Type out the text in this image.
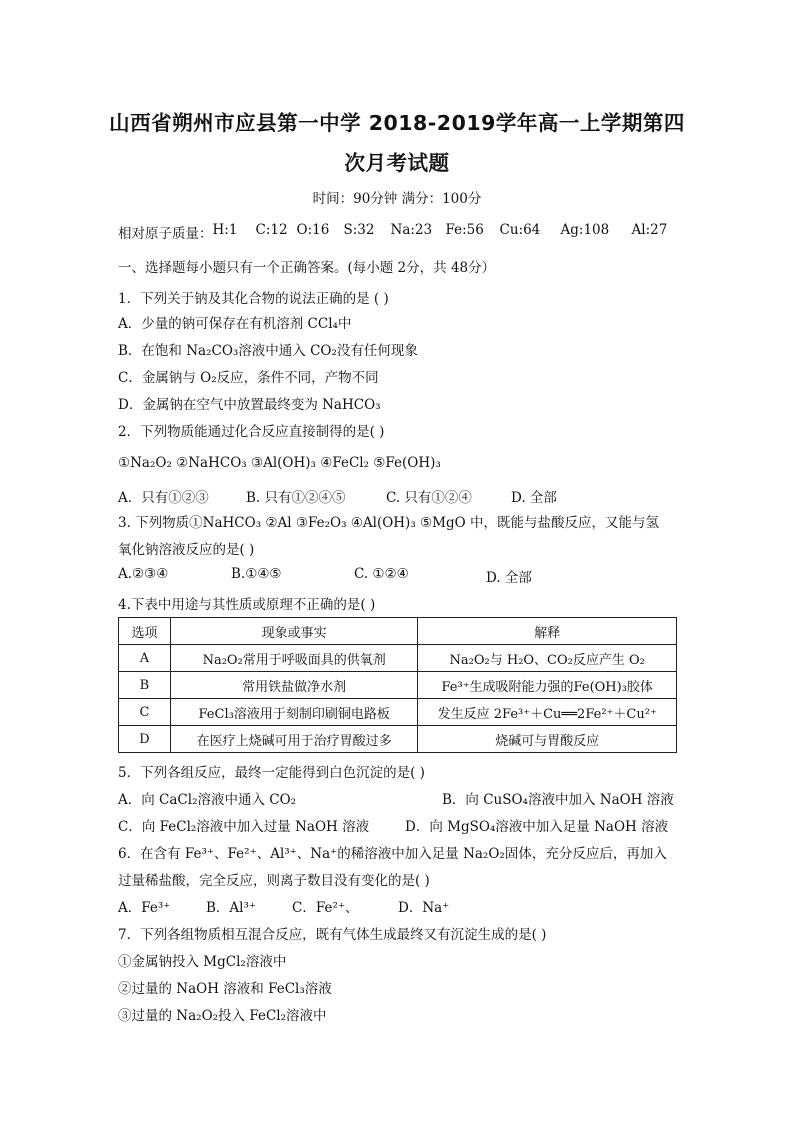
山西省朔州市应县第一中学 2018-2019学年高一上学期第四
次月考试题
时间：90分钟 满分：100分
相对原子质量： H:1	C:12 O:16	S:32	Na:23 Fe:56	Cu:64	Ag:108	Al:27
一、选择题每小题只有一个正确答案。(每小题 2分，共 48分）
1．下列关于钠及其化合物的说法正确的是 ( )
A．少量的钠可保存在有机溶剂 CCl₄中
B．在饱和 Na₂CO₃溶液中通入 CO₂没有任何现象
C．金属钠与 O₂反应，条件不同，产物不同
D．金属钠在空气中放置最终变为 NaHCO₃
2．下列物质能通过化合反应直接制得的是( )
①Na₂O₂ ②NaHCO₃ ③Al(OH)₃ ④FeCl₂ ⑤Fe(OH)₃
A．只有①②③	B. 只有①②④⑤	C. 只有①②④	D. 全部
3. 下列物质①NaHCO₃ ②Al ③Fe₂O₃ ④Al(OH)₃ ⑤MgO 中，既能与盐酸反应，又能与氢
氧化钠溶液反应的是( )
A.②③④	B.①④⑤	C. ①②④	D. 全部
4.下表中用途与其性质或原理不正确的是( )
选项	现象或事实	解释
A	Na₂O₂常用于呼吸面具的供氧剂	Na₂O₂与 H₂O、CO₂反应产生 O₂
B	常用铁盐做净水剂	Fe³⁺生成吸附能力强的Fe(OH)₃胶体
C	FeCl₃溶液用于刻制印刷铜电路板	发生反应 2Fe³⁺＋Cu══2Fe²⁺＋Cu²⁺
D	在医疗上烧碱可用于治疗胃酸过多	烧碱可与胃酸反应
5．下列各组反应，最终一定能得到白色沉淀的是( )
A．向 CaCl₂溶液中通入 CO₂	B．向 CuSO₄溶液中加入 NaOH 溶液
C．向 FeCl₂溶液中加入过量 NaOH 溶液	D．向 MgSO₄溶液中加入足量 NaOH 溶液
6．在含有 Fe³⁺、Fe²⁺、Al³⁺、Na⁺的稀溶液中加入足量 Na₂O₂固体，充分反应后，再加入
过量稀盐酸，完全反应，则离子数目没有变化的是( )
A．Fe³⁺	B．Al³⁺	C．Fe²⁺、	D．Na⁺
7．下列各组物质相互混合反应，既有气体生成最终又有沉淀生成的是( )
①金属钠投入 MgCl₂溶液中
②过量的 NaOH 溶液和 FeCl₃溶液
③过量的 Na₂O₂投入 FeCl₂溶液中
